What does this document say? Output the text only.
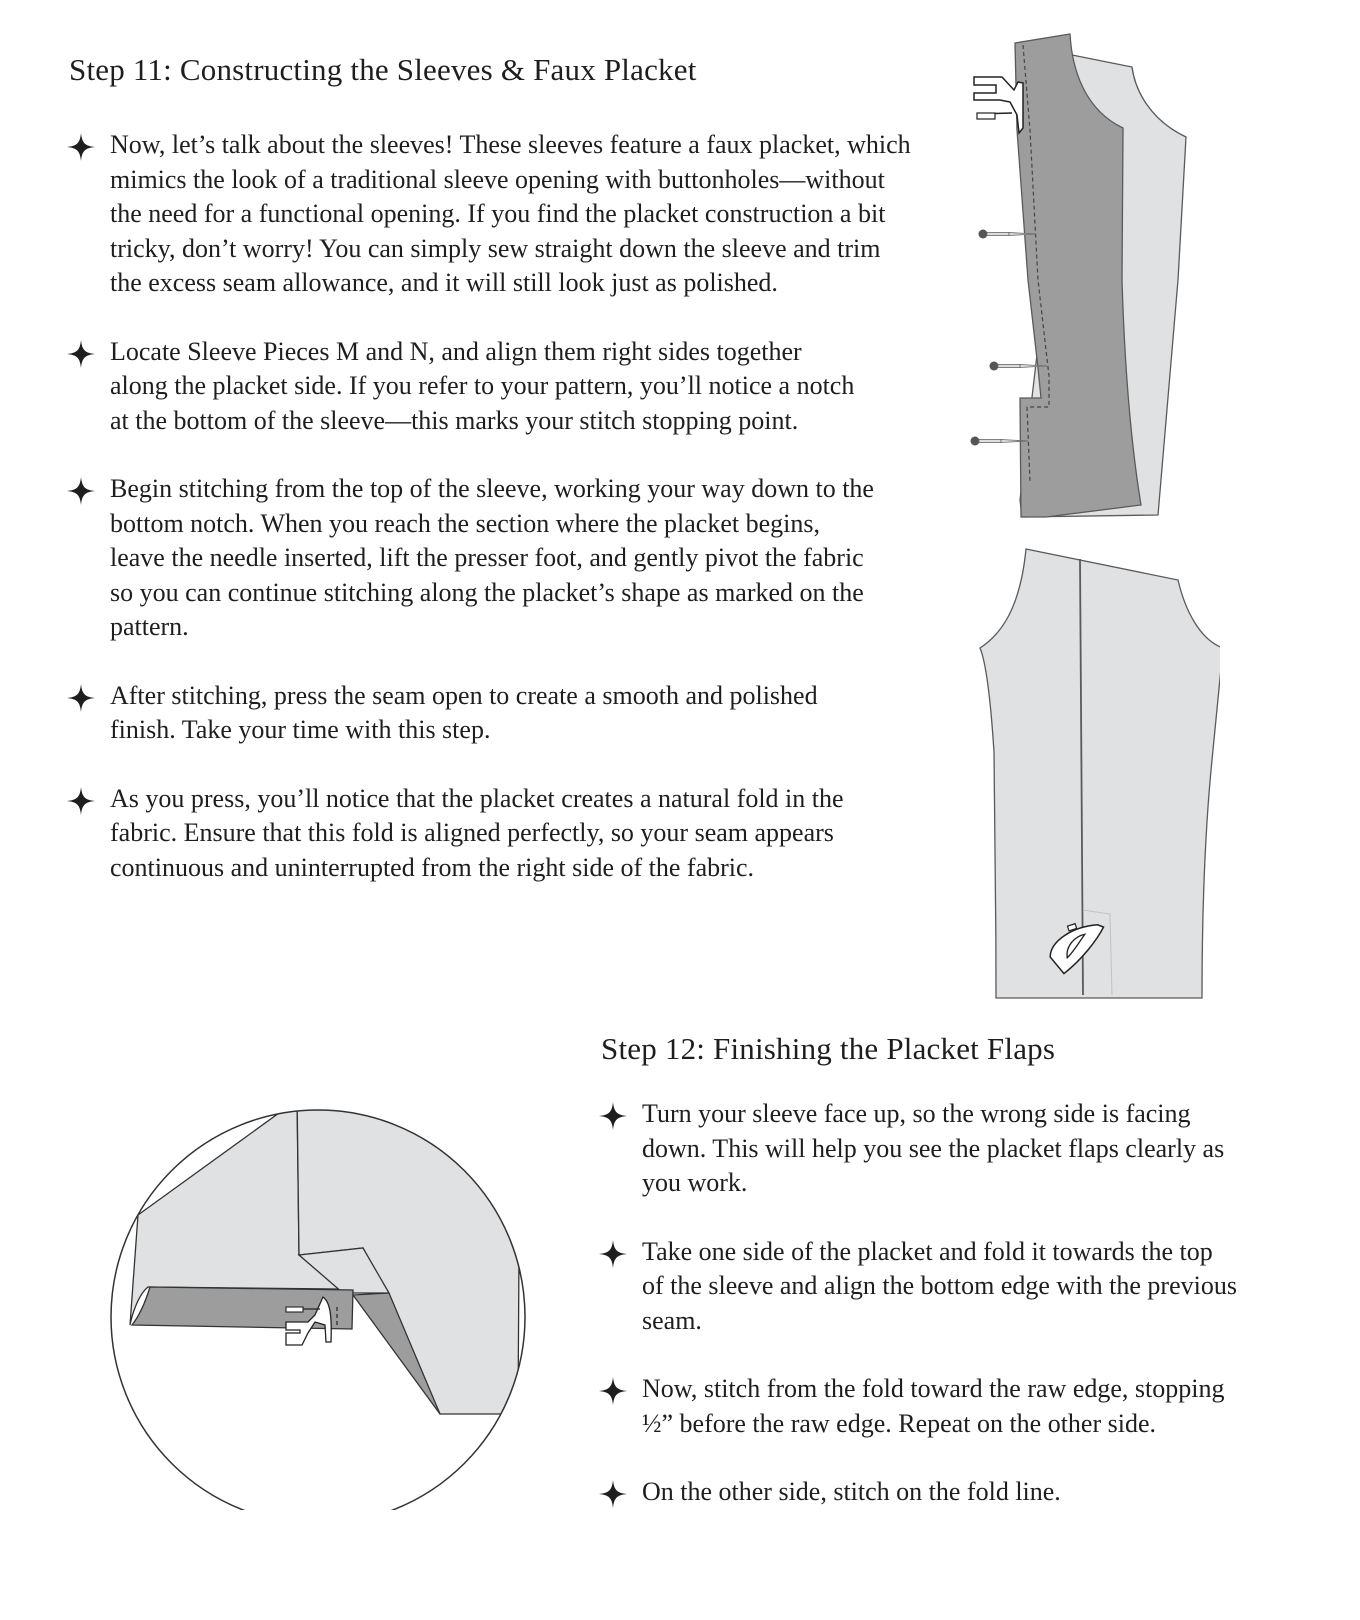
Step 11: Constructing the Sleeves & Faux Placket
Now, let’s talk about the sleeves! These sleeves feature a faux placket, which mimics the look of a traditional sleeve opening with buttonholes—without the need for a functional opening. If you find the placket construction a bit tricky, don’t worry! You can simply sew straight down the sleeve and trim the excess seam allowance, and it will still look just as polished.
Locate Sleeve Pieces M and N, and align them right sides together along the placket side. If you refer to your pattern, you’ll notice a notch at the bottom of the sleeve—this marks your stitch stopping point.
Begin stitching from the top of the sleeve, working your way down to the bottom notch. When you reach the section where the placket begins, leave the needle inserted, lift the presser foot, and gently pivot the fabric so you can continue stitching along the placket’s shape as marked on the pattern.
After stitching, press the seam open to create a smooth and polished finish. Take your time with this step.
As you press, you’ll notice that the placket creates a natural fold in the fabric. Ensure that this fold is aligned perfectly, so your seam appears continuous and uninterrupted from the right side of the fabric.
Step 12: Finishing the Placket Flaps
Turn your sleeve face up, so the wrong side is facing down. This will help you see the placket flaps clearly as you work.
Take one side of the placket and fold it towards the top of the sleeve and align the bottom edge with the previous seam.
Now, stitch from the fold toward the raw edge, stopping ½” before the raw edge. Repeat on the other side.
On the other side, stitch on the fold line.
